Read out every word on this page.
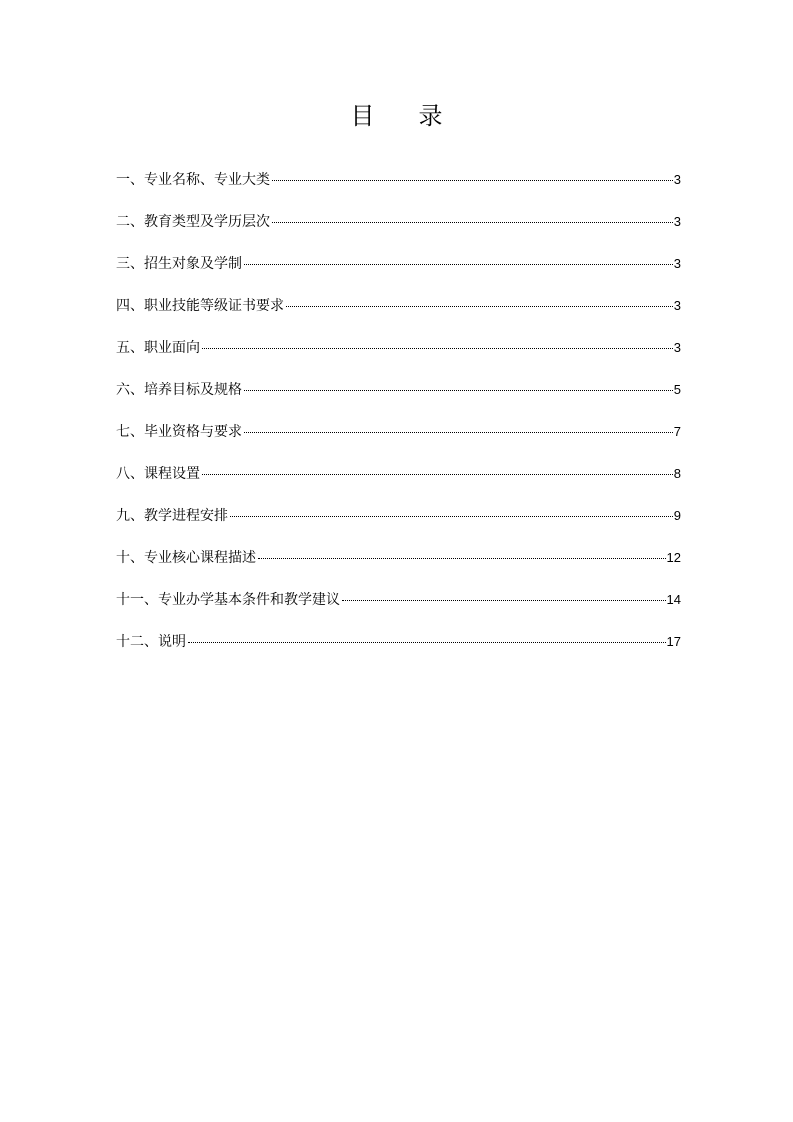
目 录
一、专业名称、专业大类	3
二、教育类型及学历层次	3
三、招生对象及学制	3
四、职业技能等级证书要求	3
五、职业面向	3
六、培养目标及规格	5
七、毕业资格与要求	7
八、课程设置	8
九、教学进程安排	9
十、专业核心课程描述	12
十一、专业办学基本条件和教学建议	14
十二、说明	17
